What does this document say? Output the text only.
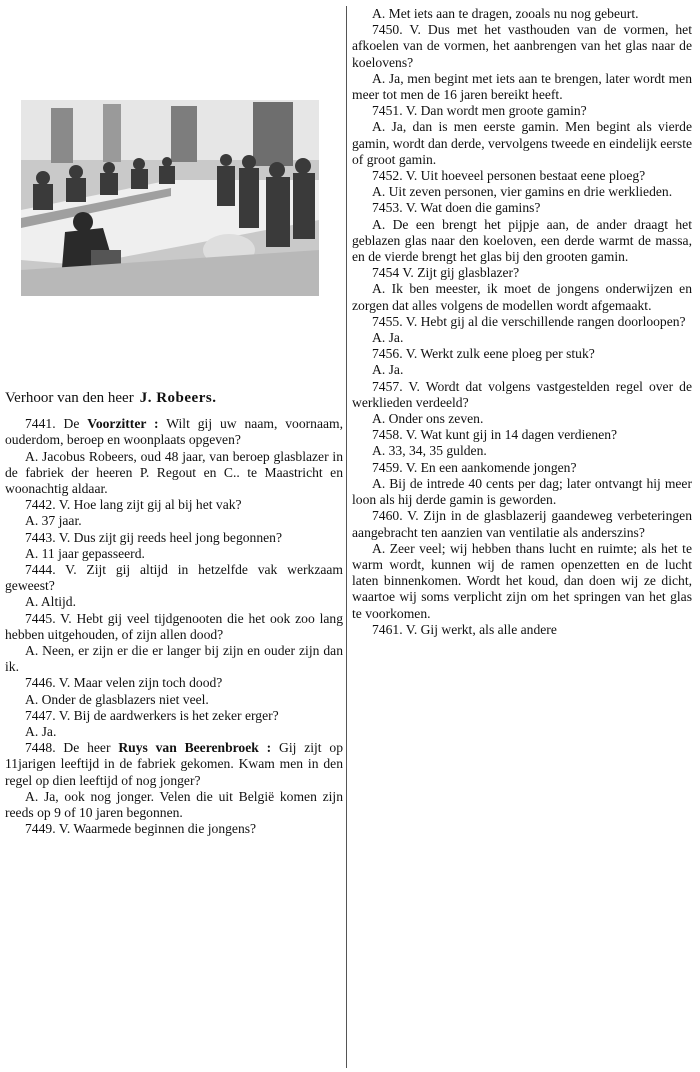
Verhoor van den heer J. Robeers.

7441. De Voorzitter : Wilt gij uw naam, voornaam, ouderdom, beroep en woonplaats opgeven?

A. Jacobus Robeers, oud 48 jaar, van beroep glasblazer in de fabriek der heeren P. Regout en C.. te Maastricht en woonachtig aldaar.

7442. V. Hoe lang zijt gij al bij het vak?

A. 37 jaar.

7443. V. Dus zijt gij reeds heel jong begonnen?

A. 11 jaar gepasseerd.

7444. V. Zijt gij altijd in hetzelfde vak werkzaam geweest?

A. Altijd.

7445. V. Hebt gij veel tijdgenooten die het ook zoo lang hebben uitgehouden, of zijn allen dood?

A. Neen, er zijn er die er langer bij zijn en ouder zijn dan ik.

7446. V. Maar velen zijn toch dood?

A. Onder de glasblazers niet veel.

7447. V. Bij de aardwerkers is het zeker erger?

A. Ja.

7448. De heer Ruys van Beerenbroek : Gij zijt op 11jarigen leeftijd in de fabriek gekomen. Kwam men in den regel op dien leeftijd of nog jonger?

A. Ja, ook nog jonger. Velen die uit België komen zijn reeds op 9 of 10 jaren begonnen.

7449. V. Waarmede beginnen die jongens?

A. Met iets aan te dragen, zooals nu nog gebeurt.

7450. V. Dus met het vasthouden van de vormen, het afkoelen van de vormen, het aanbrengen van het glas naar de koelovens?

A. Ja, men begint met iets aan te brengen, later wordt men meer tot men de 16 jaren bereikt heeft.

7451. V. Dan wordt men groote gamin?

A. Ja, dan is men eerste gamin. Men begint als vierde gamin, wordt dan derde, vervolgens tweede en eindelijk eerste of groot gamin.

7452. V. Uit hoeveel personen bestaat eene ploeg?

A. Uit zeven personen, vier gamins en drie werklieden.

7453. V. Wat doen die gamins?

A. De een brengt het pijpje aan, de ander draagt het geblazen glas naar den koeloven, een derde warmt de massa, en de vierde brengt het glas bij den grooten gamin.

7454 V. Zijt gij glasblazer?

A. Ik ben meester, ik moet de jongens onderwijzen en zorgen dat alles volgens de modellen wordt afgemaakt.

7455. V. Hebt gij al die verschillende rangen doorloopen?

A. Ja.

7456. V. Werkt zulk eene ploeg per stuk?

A. Ja.

7457. V. Wordt dat volgens vastgestelden regel over de werklieden verdeeld?

A. Onder ons zeven.

7458. V. Wat kunt gij in 14 dagen verdienen?

A. 33, 34, 35 gulden.

7459. V. En een aankomende jongen?

A. Bij de intrede 40 cents per dag; later ontvangt hij meer loon als hij derde gamin is geworden.

7460. V. Zijn in de glasblazerij gaandeweg verbeteringen aangebracht ten aanzien van ventilatie als anderszins?

A. Zeer veel; wij hebben thans lucht en ruimte; als het te warm wordt, kunnen wij de ramen openzetten en de lucht laten binnenkomen. Wordt het koud, dan doen wij ze dicht, waartoe wij soms verplicht zijn om het springen van het glas te voorkomen.

7461. V. Gij werkt, als alle andere
